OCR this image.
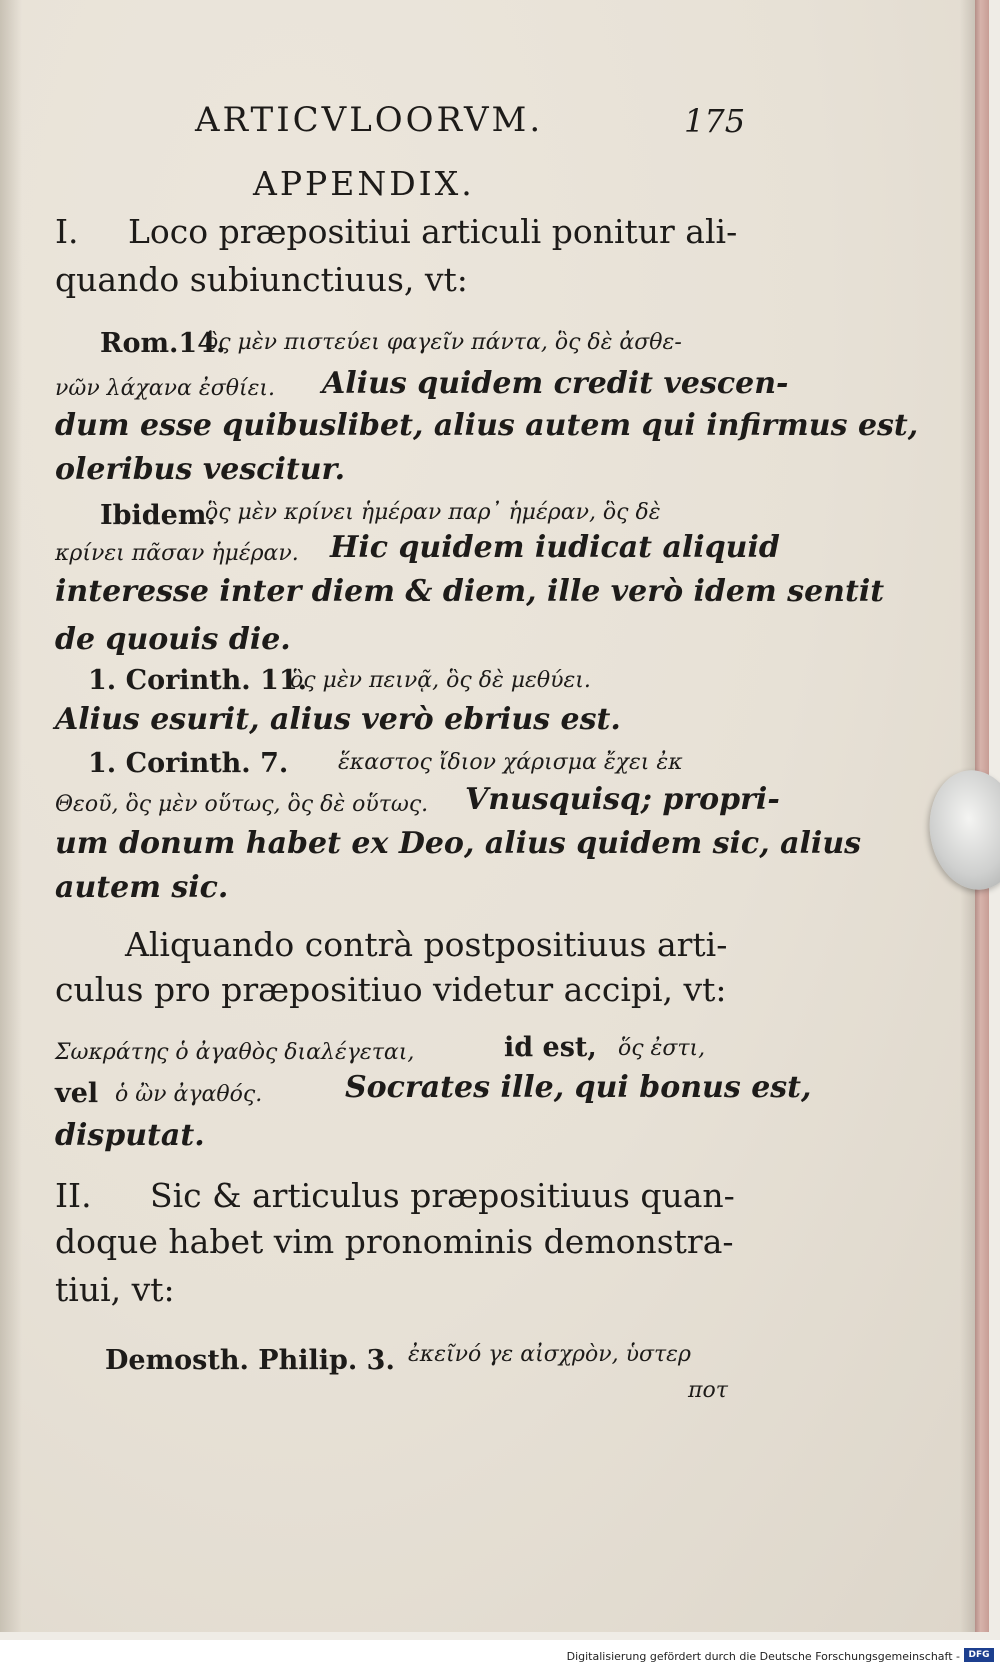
ARTICVLOORVM.	175
APPENDIX.
I. Loco præpositiui articuli ponitur ali-
quando subiunctiuus, vt:
Rom.14.
ὃς μὲν πιστεύει φαγεῖν πάντα, ὃς δὲ ἀσθε-
νῶν λάχανα ἐσθίει. Alius quidem credit vescen-
dum esse quibuslibet, alius autem qui infirmus est,
oleribus vescitur.
Ibidem.
ὃς μὲν κρίνει ἡμέραν παρ᾽ ἡμέραν, ὃς δὲ
κρίνει πᾶσαν ἡμέραν. Hic quidem iudicat aliquid
interesse inter diem & diem, ille verò idem sentit
de quouis die.
1. Corinth. 11.
ὃς μὲν πεινᾷ, ὃς δὲ μεθύει.
Alius esurit, alius verò ebrius est.
1. Corinth. 7. ἕκαστος ἴδιον χάρισμα ἔχει ἐκ
Θεοῦ, ὃς μὲν οὕτως, ὃς δὲ οὕτως. Vnusquisq; propri-
um donum habet ex Deo, alius quidem sic, alius
autem sic.
Aliquando contrà postpositiuus arti-
culus pro præpositiuo videtur accipi, vt:
Σωκράτης ὁ ἀγαθὸς διαλέγεται,	id est, ὅς ἐστι,
vel ὁ ὢν ἀγαθός.	Socrates ille, qui bonus est,
disputat.
II. Sic & articulus præpositiuus quan-
doque habet vim pronominis demonstra-
tiui, vt:
Demosth. Philip. 3. ἐκεῖνό γε αἰσχρὸν, ὑστερ
ποτ
Digitalisierung gefördert durch die Deutsche Forschungsgemeinschaft - DFG
